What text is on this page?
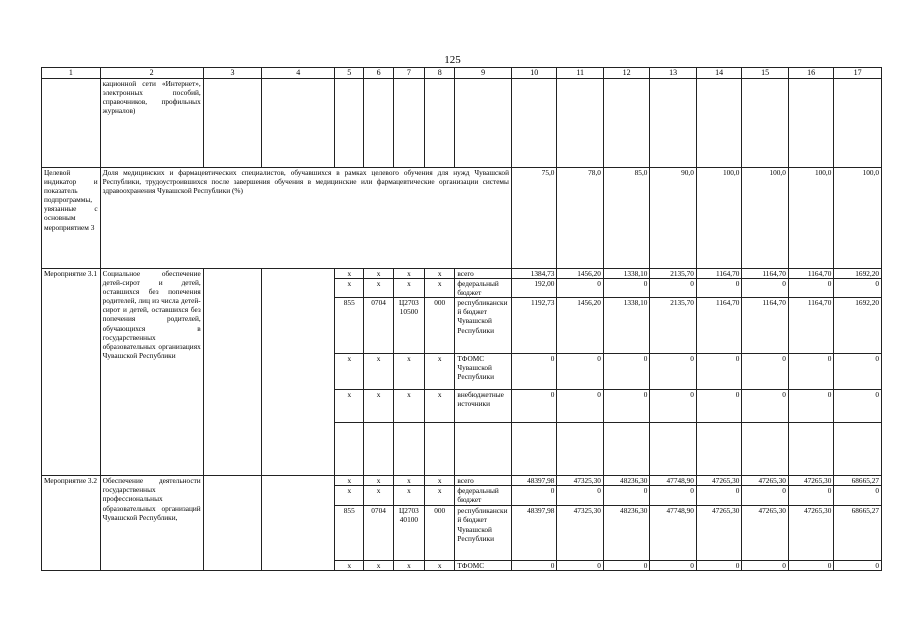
125
1	2	3	4	5	6	7	8	9	10	11	12	13	14	15	16	17
	кационной сети «Интернет», электронных пособий, справочников, профильных журналов)															
Целевой индикатор и показатель подпрограммы, увязанные с основным мероприятием 3	Доля медицинских и фармацевтических специалистов, обучавшихся в рамках целевого обучения для нужд Чувашской Республики, трудоустроившихся после завершения обучения в медицинские или фармацевтические организации системы здравоохранения Чувашской Республики (%)								75,0	78,0	85,0	90,0	100,0	100,0	100,0	100,0
Мероприятие 3.1	Социальное обеспечение детей-сирот и детей, оставшихся без попечения родителей, лиц из числа детей-сирот и детей, оставшихся без попечения родителей, обучающихся в государственных образовательных организациях Чувашской Республики			x	x	x	x	всего	1384,73	1456,20	1338,10	2135,70	1164,70	1164,70	1164,70	1692,20
				x	x	x	x	федеральный бюджет	192,00	0	0	0	0	0	0	0
				855	0704	Ц2703 10500	000	республиканский бюджет Чувашской Республики	1192,73	1456,20	1338,10	2135,70	1164,70	1164,70	1164,70	1692,20
				x	x	x	x	ТФОМС Чувашской Республики	0	0	0	0	0	0	0	0
				x	x	x	x	внебюджетные источники	0	0	0	0	0	0	0	0

Мероприятие 3.2	Обеспечение деятельности государственных профессиональных образовательных организаций Чувашской Республики,			x	x	x	x	всего	48397,98	47325,30	48236,30	47748,90	47265,30	47265,30	47265,30	68665,27
				x	x	x	x	федеральный бюджет	0	0	0	0	0	0	0	0
				855	0704	Ц2703 40100	000	республиканский бюджет Чувашской Республики	48397,98	47325,30	48236,30	47748,90	47265,30	47265,30	47265,30	68665,27
				x	x	x	x	ТФОМС	0	0	0	0	0	0	0	0
